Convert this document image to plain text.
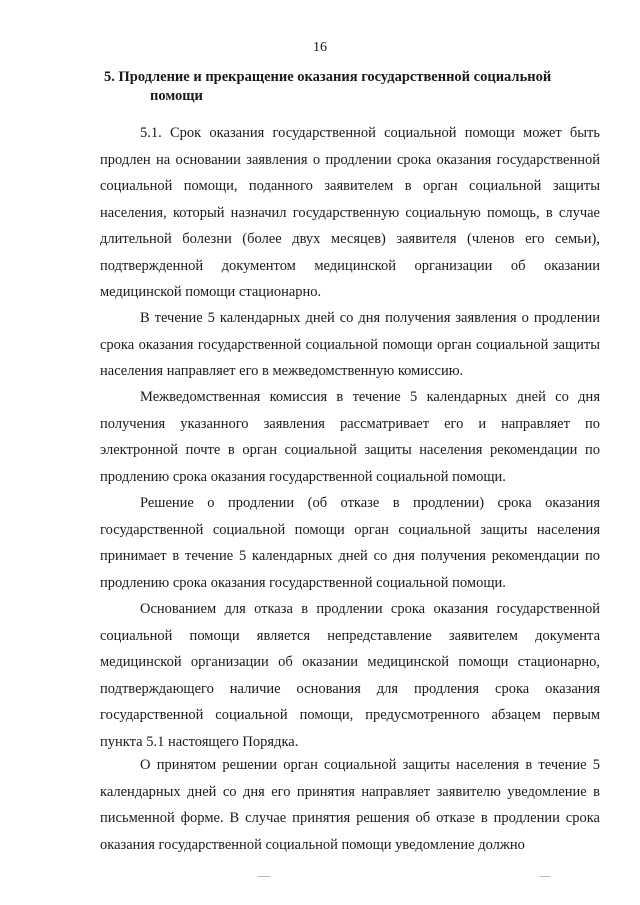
16
5. Продление и прекращение оказания государственной социальной
помощи

5.1. Срок оказания государственной социальной помощи может быть продлен на основании заявления о продлении срока оказания государственной социальной помощи, поданного заявителем в орган социальной защиты населения, который назначил государственную социальную помощь, в случае длительной болезни (более двух месяцев) заявителя (членов его семьи), подтвержденной документом медицинской организации об оказании медицинской помощи стационарно.

В течение 5 календарных дней со дня получения заявления о продлении срока оказания государственной социальной помощи орган социальной защиты населения направляет его в межведомственную комиссию.

Межведомственная комиссия в течение 5 календарных дней со дня получения указанного заявления рассматривает его и направляет по электронной почте в орган социальной защиты населения рекомендации по продлению срока оказания государственной социальной помощи.

Решение о продлении (об отказе в продлении) срока оказания государственной социальной помощи орган социальной защиты населения принимает в течение 5 календарных дней со дня получения рекомендации по продлению срока оказания государственной социальной помощи.

Основанием для отказа в продлении срока оказания государственной социальной помощи является непредставление заявителем документа медицинской организации об оказании медицинской помощи стационарно, подтверждающего наличие основания для продления срока оказания государственной социальной помощи, предусмотренного абзацем первым пункта 5.1 настоящего Порядка.

О принятом решении орган социальной защиты населения в течение 5 календарных дней со дня его принятия направляет заявителю уведомление в письменной форме. В случае принятия решения об отказе в продлении срока оказания государственной социальной помощи уведомление должно
